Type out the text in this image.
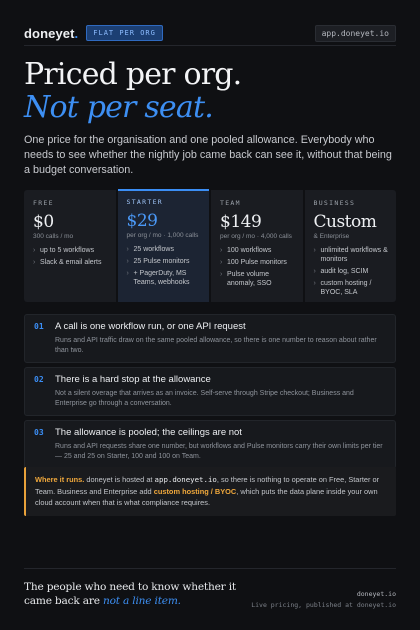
doneyet.	FLAT PER ORG	app.doneyet.io
Priced per org.
Not per seat.

One price for the organisation and one pooled allowance. Everybody who needs to see whether the nightly job came back can see it, without that being a budget conversation.

FREE
$0
300 calls / mo
› up to 5 workflows
› Slack & email alerts
STARTER
$29
per org / mo · 1,000 calls
› 25 workflows
› 25 Pulse monitors
› + PagerDuty, MS Teams, webhooks
TEAM
$149
per org / mo · 4,000 calls
› 100 workflows
› 100 Pulse monitors
› Pulse volume anomaly, SSO
BUSINESS
Custom
& Enterprise
› unlimited workflows & monitors
› audit log, SCIM
› custom hosting / BYOC, SLA
01 A call is one workflow run, or one API request
Runs and API traffic draw on the same pooled allowance, so there is one number to reason about rather than two.
02 There is a hard stop at the allowance
Not a silent overage that arrives as an invoice. Self-serve through Stripe checkout; Business and Enterprise go through a conversation.
03 The allowance is pooled; the ceilings are not
Runs and API requests share one number, but workflows and Pulse monitors carry their own limits per tier — 25 and 25 on Starter, 100 and 100 on Team.
Where it runs. doneyet is hosted at app.doneyet.io, so there is nothing to operate on Free, Starter or Team. Business and Enterprise add custom hosting / BYOC, which puts the data plane inside your own cloud account when that is what compliance requires.
The people who need to know whether it came back are not a line item.
doneyet.io
Live pricing, published at doneyet.io
